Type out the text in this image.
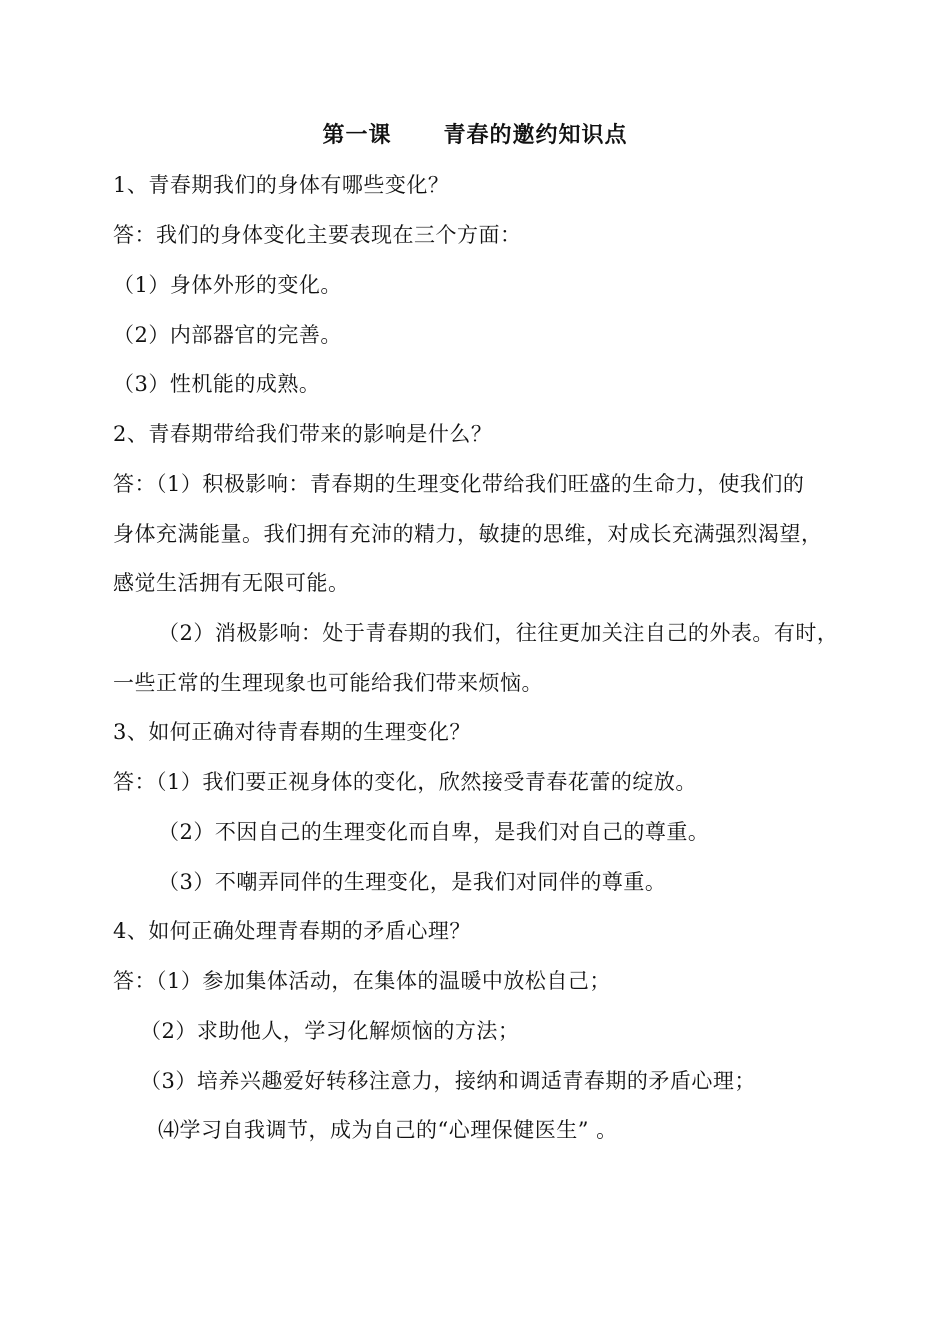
第一课      青春的邀约知识点
1、青春期我们的身体有哪些变化？
答：我们的身体变化主要表现在三个方面：
（1）身体外形的变化。
（2）内部器官的完善。
（3）性机能的成熟。
2、青春期带给我们带来的影响是什么？
答：（1）积极影响：青春期的生理变化带给我们旺盛的生命力，使我们的
身体充满能量。我们拥有充沛的精力，敏捷的思维，对成长充满强烈渴望，
感觉生活拥有无限可能。
（2）消极影响：处于青春期的我们，往往更加关注自己的外表。有时，
一些正常的生理现象也可能给我们带来烦恼。
3、如何正确对待青春期的生理变化？
答：（1）我们要正视身体的变化，欣然接受青春花蕾的绽放。
（2）不因自己的生理变化而自卑，是我们对自己的尊重。
（3）不嘲弄同伴的生理变化，是我们对同伴的尊重。
4、如何正确处理青春期的矛盾心理？
答：（1）参加集体活动，在集体的温暖中放松自己；
（2）求助他人，学习化解烦恼的方法；
（3）培养兴趣爱好转移注意力，接纳和调适青春期的矛盾心理；
⑷学习自我调节，成为自己的“心理保健医生” 。
